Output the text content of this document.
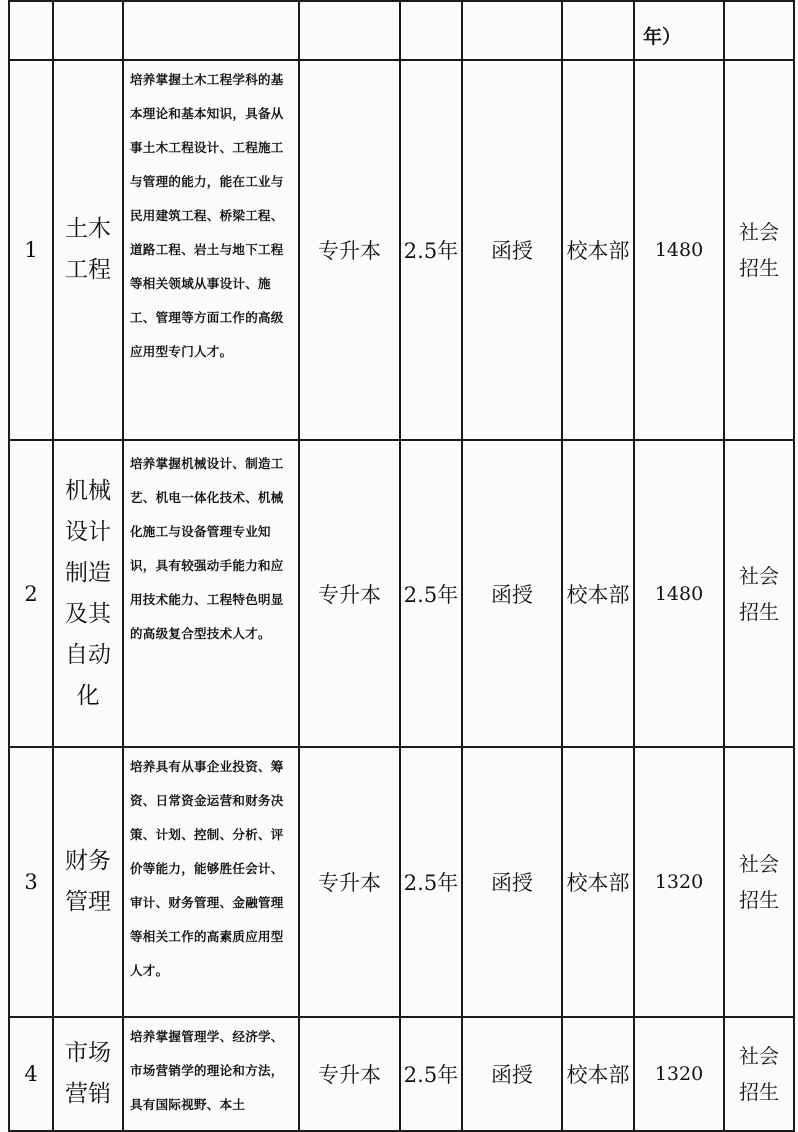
							年）	
1	土木工程	培养掌握土木工程学科的基本理论和基本知识，具备从事土木工程设计、工程施工与管理的能力，能在工业与民用建筑工程、桥梁工程、道路工程、岩土与地下工程等相关领域从事设计、施工、管理等方面工作的高级应用型专门人才。	专升本	2.5年	函授	校本部	1480	社会招生
2	机械设计制造及其自动化	培养掌握机械设计、制造工艺、机电一体化技术、机械化施工与设备管理专业知识，具有较强动手能力和应用技术能力、工程特色明显的高级复合型技术人才。	专升本	2.5年	函授	校本部	1480	社会招生
3	财务管理	培养具有从事企业投资、筹资、日常资金运营和财务决策、计划、控制、分析、评价等能力，能够胜任会计、审计、财务管理、金融管理等相关工作的高素质应用型人才。	专升本	2.5年	函授	校本部	1320	社会招生
4	市场营销	培养掌握管理学、经济学、市场营销学的理论和方法，具有国际视野、本土	专升本	2.5年	函授	校本部	1320	社会招生
